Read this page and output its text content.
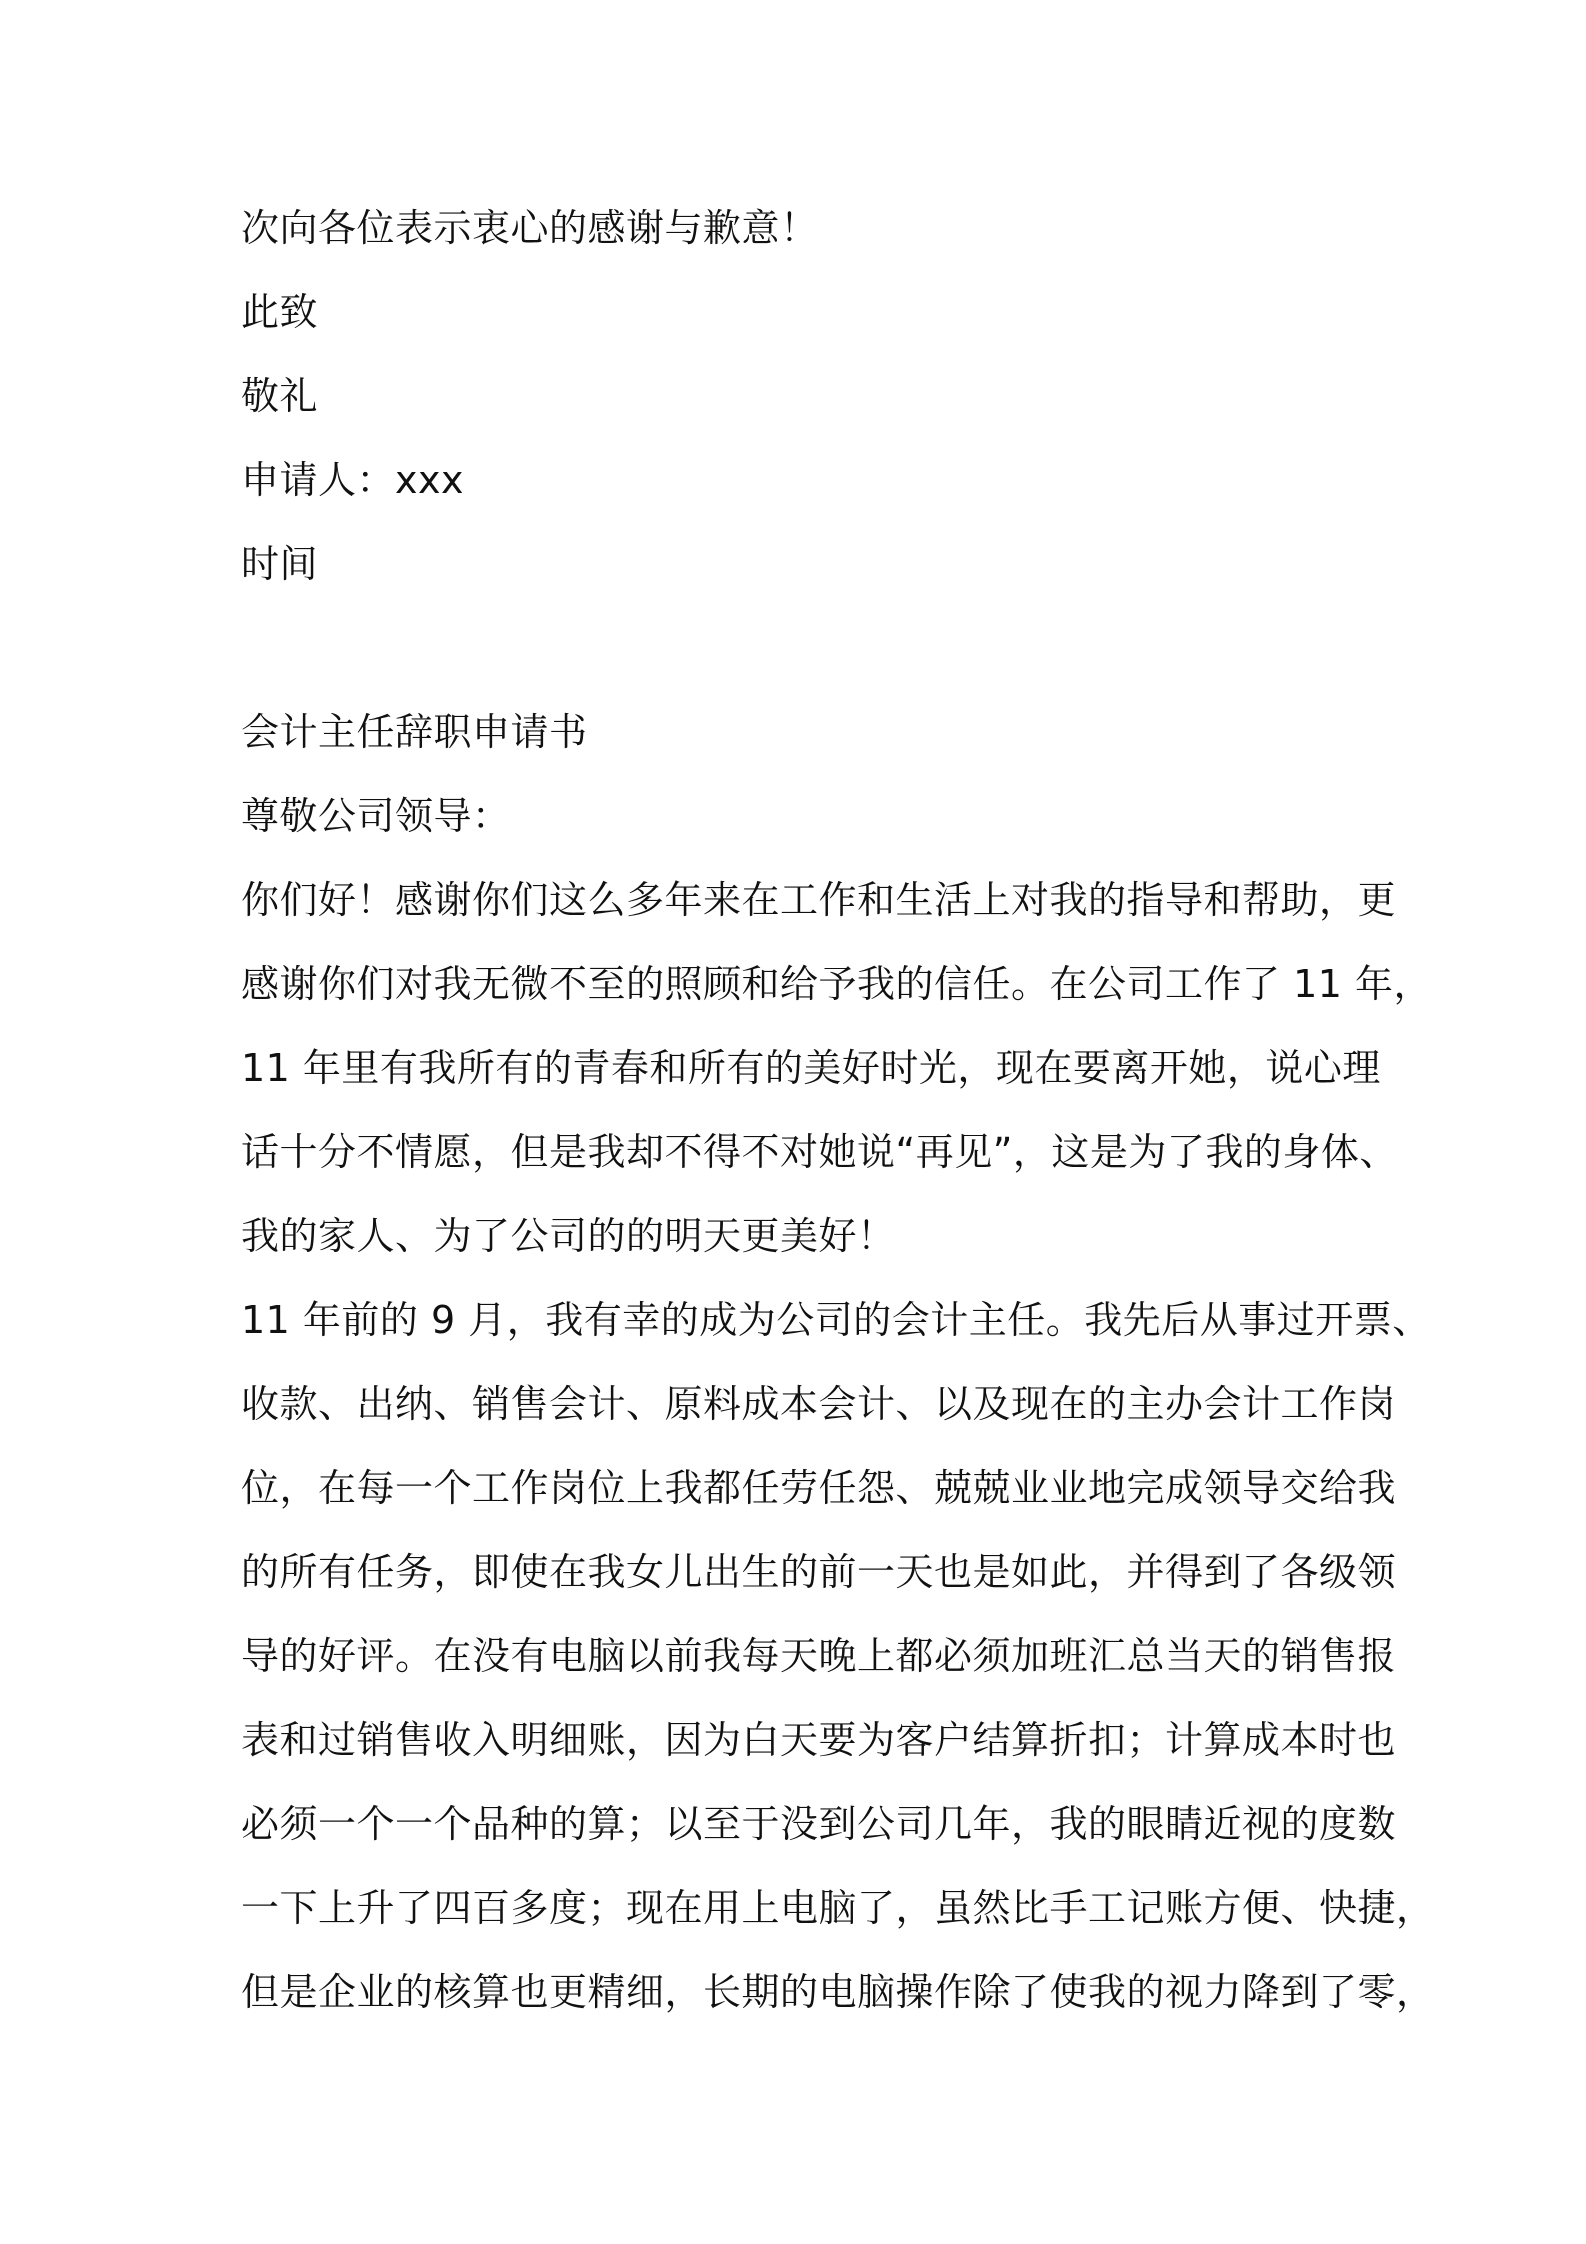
次向各位表示衷心的感谢与歉意！
此致
敬礼
申请人：xxx
时间
会计主任辞职申请书
尊敬公司领导：
你们好！感谢你们这么多年来在工作和生活上对我的指导和帮助，更
感谢你们对我无微不至的照顾和给予我的信任。在公司工作了 11 年，
11 年里有我所有的青春和所有的美好时光，现在要离开她，说心理
话十分不情愿，但是我却不得不对她说“再见”，这是为了我的身体、
我的家人、为了公司的的明天更美好！
11 年前的 9 月，我有幸的成为公司的会计主任。我先后从事过开票、
收款、出纳、销售会计、原料成本会计、以及现在的主办会计工作岗
位，在每一个工作岗位上我都任劳任怨、兢兢业业地完成领导交给我
的所有任务，即使在我女儿出生的前一天也是如此，并得到了各级领
导的好评。在没有电脑以前我每天晚上都必须加班汇总当天的销售报
表和过销售收入明细账，因为白天要为客户结算折扣；计算成本时也
必须一个一个品种的算；以至于没到公司几年，我的眼睛近视的度数
一下上升了四百多度；现在用上电脑了，虽然比手工记账方便、快捷，
但是企业的核算也更精细，长期的电脑操作除了使我的视力降到了零，
